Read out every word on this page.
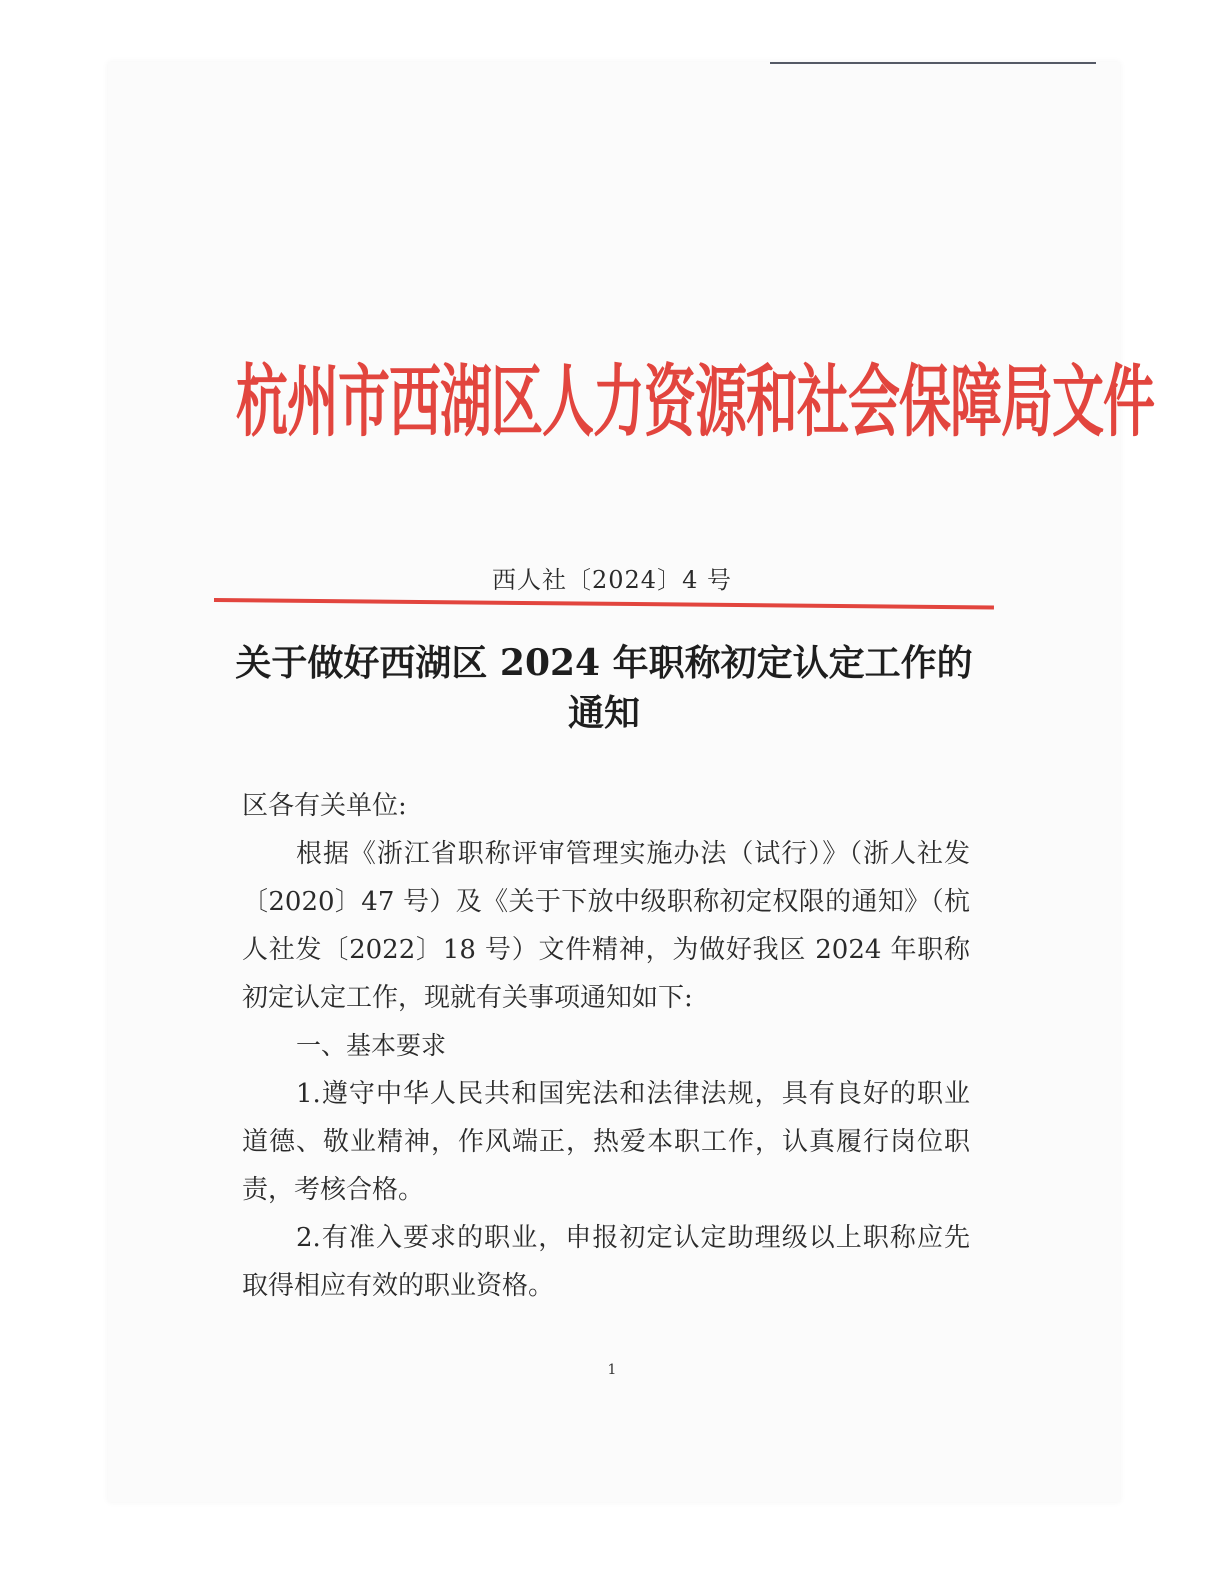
杭州市西湖区人力资源和社会保障局文件
西人社〔2024〕4 号
关于做好西湖区 2024 年职称初定认定工作的
通知

区各有关单位:

根据《浙江省职称评审管理实施办法（试行）》（浙人社发〔2020〕47 号）及《关于下放中级职称初定权限的通知》（杭人社发〔2022〕18 号）文件精神，为做好我区 2024 年职称初定认定工作，现就有关事项通知如下:

一、基本要求

1.遵守中华人民共和国宪法和法律法规，具有良好的职业道德、敬业精神，作风端正，热爱本职工作，认真履行岗位职责，考核合格。

2.有准入要求的职业，申报初定认定助理级以上职称应先取得相应有效的职业资格。

1
